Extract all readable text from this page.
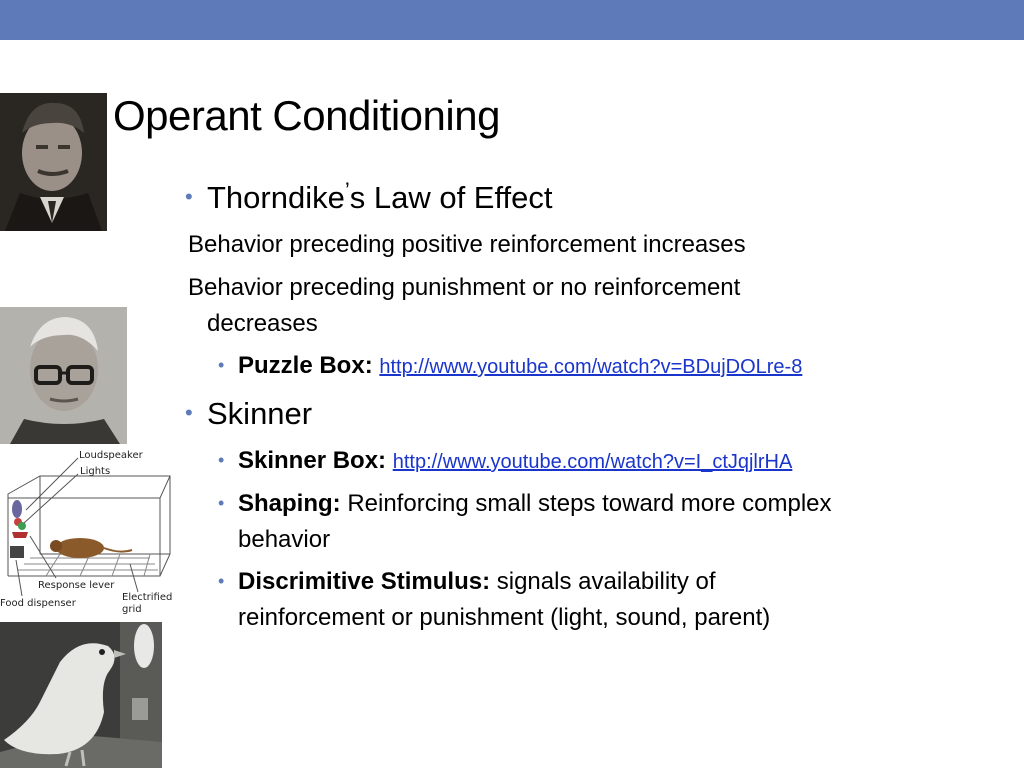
Operant Conditioning
Loudspeaker
Lights
Response lever
Food dispenser
Electrified
grid
• Thorndike’s Law of Effect
Behavior preceding positive reinforcement increases
Behavior preceding punishment or no reinforcement
decreases
• Puzzle Box: http://www.youtube.com/watch?v=BDujDOLre-8
• Skinner
• Skinner Box: http://www.youtube.com/watch?v=I_ctJqjlrHA
• Shaping: Reinforcing small steps toward more complex
behavior
• Discrimitive Stimulus: signals availability of
reinforcement or punishment (light, sound, parent)
